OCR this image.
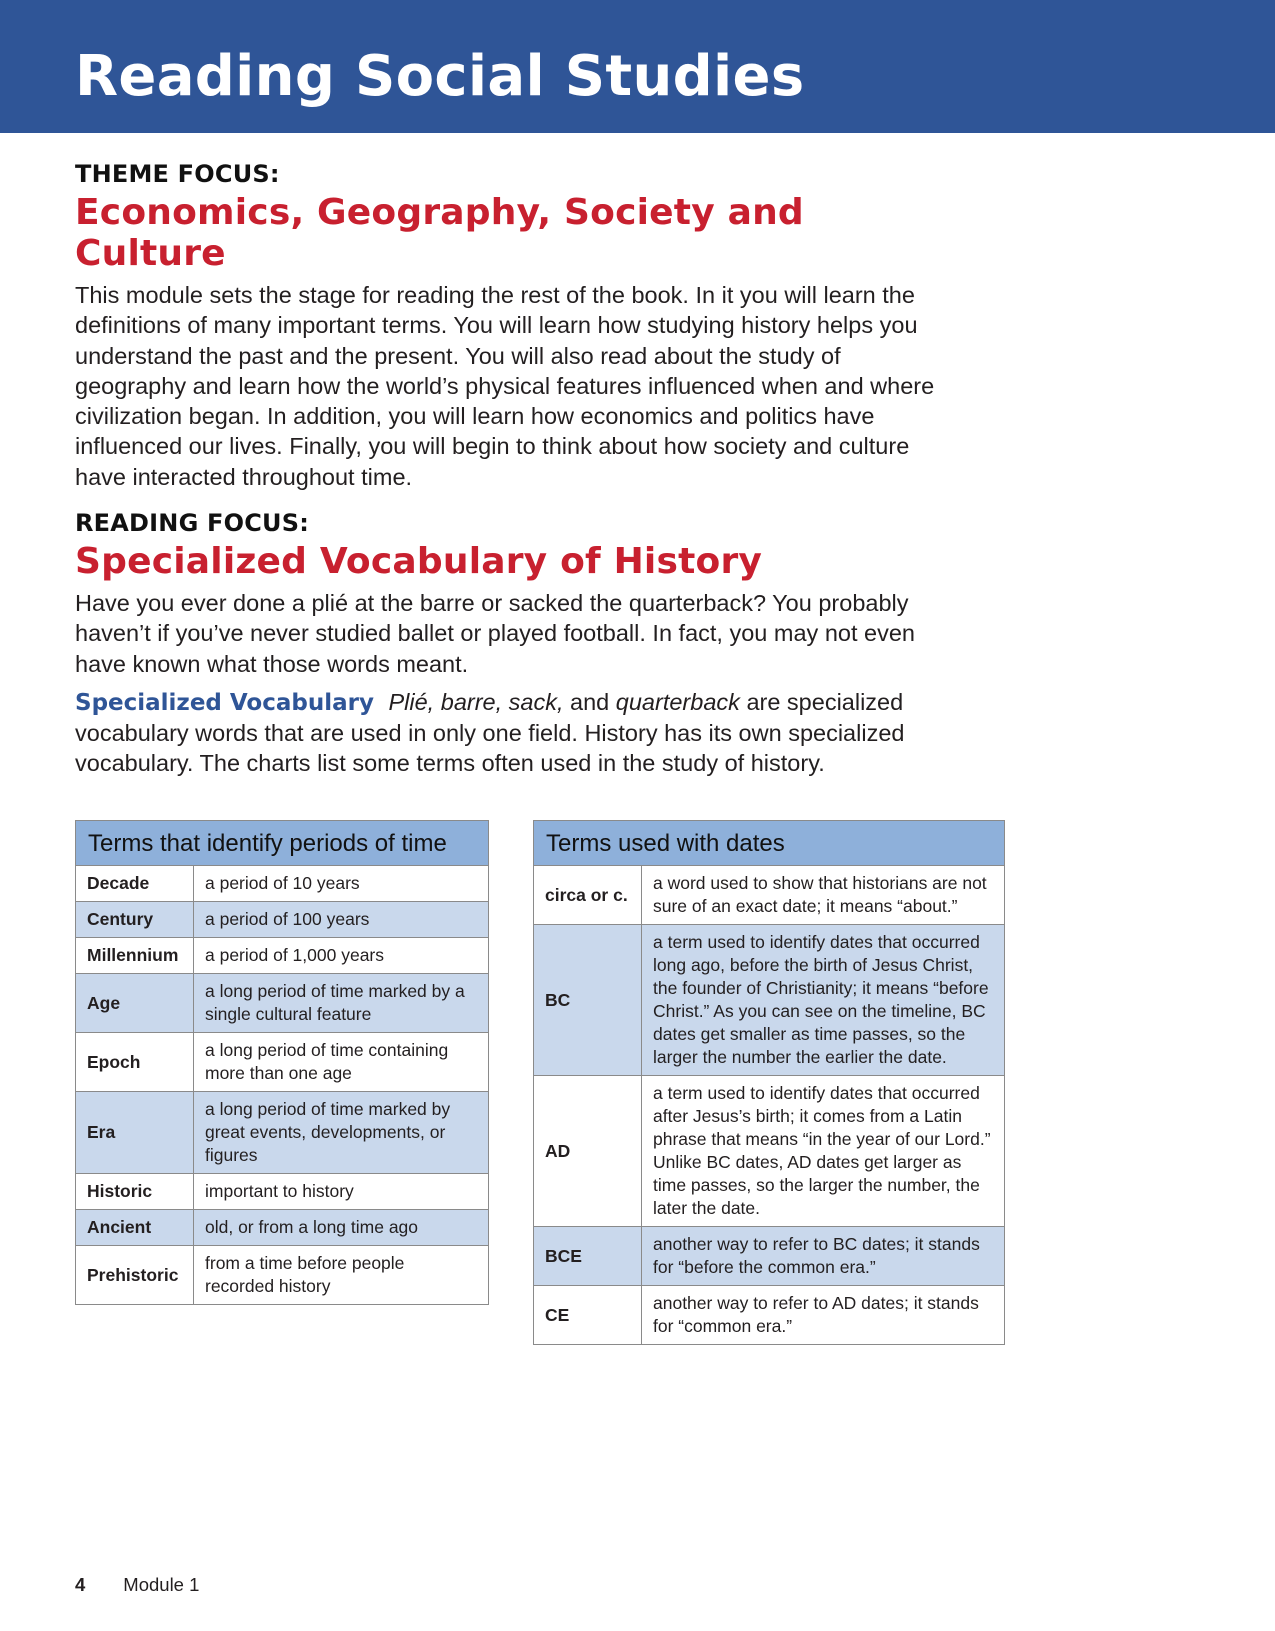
Reading Social Studies

THEME FOCUS:

Economics, Geography, Society and Culture

This module sets the stage for reading the rest of the book. In it you will learn the definitions of many important terms. You will learn how studying history helps you understand the past and the present. You will also read about the study of geography and learn how the world’s physical features influenced when and where civilization began. In addition, you will learn how economics and politics have influenced our lives. Finally, you will begin to think about how society and culture have interacted throughout time.

READING FOCUS:

Specialized Vocabulary of History

Have you ever done a plié at the barre or sacked the quarterback? You probably haven’t if you’ve never studied ballet or played football. In fact, you may not even have known what those words meant.

Specialized Vocabulary Plié, barre, sack, and quarterback are specialized vocabulary words that are used in only one field. History has its own specialized vocabulary. The charts list some terms often used in the study of history.

Terms that identify periods of time	
Decade	a period of 10 years
Century	a period of 100 years
Millennium	a period of 1,000 years
Age	a long period of time marked by a single cultural feature
Epoch	a long period of time containing more than one age
Era	a long period of time marked by great events, developments, or figures
Historic	important to history
Ancient	old, or from a long time ago
Prehistoric	from a time before people recorded history
Terms used with dates	
circa or c.	a word used to show that historians are not sure of an exact date; it means “about.”
BC	a term used to identify dates that occurred long ago, before the birth of Jesus Christ, the founder of Christianity; it means “before Christ.” As you can see on the timeline, BC dates get smaller as time passes, so the larger the number the earlier the date.
AD	a term used to identify dates that occurred after Jesus’s birth; it comes from a Latin phrase that means “in the year of our Lord.” Unlike BC dates, AD dates get larger as time passes, so the larger the number, the later the date.
BCE	another way to refer to BC dates; it stands for “before the common era.”
CE	another way to refer to AD dates; it stands for “common era.”
4 Module 1
